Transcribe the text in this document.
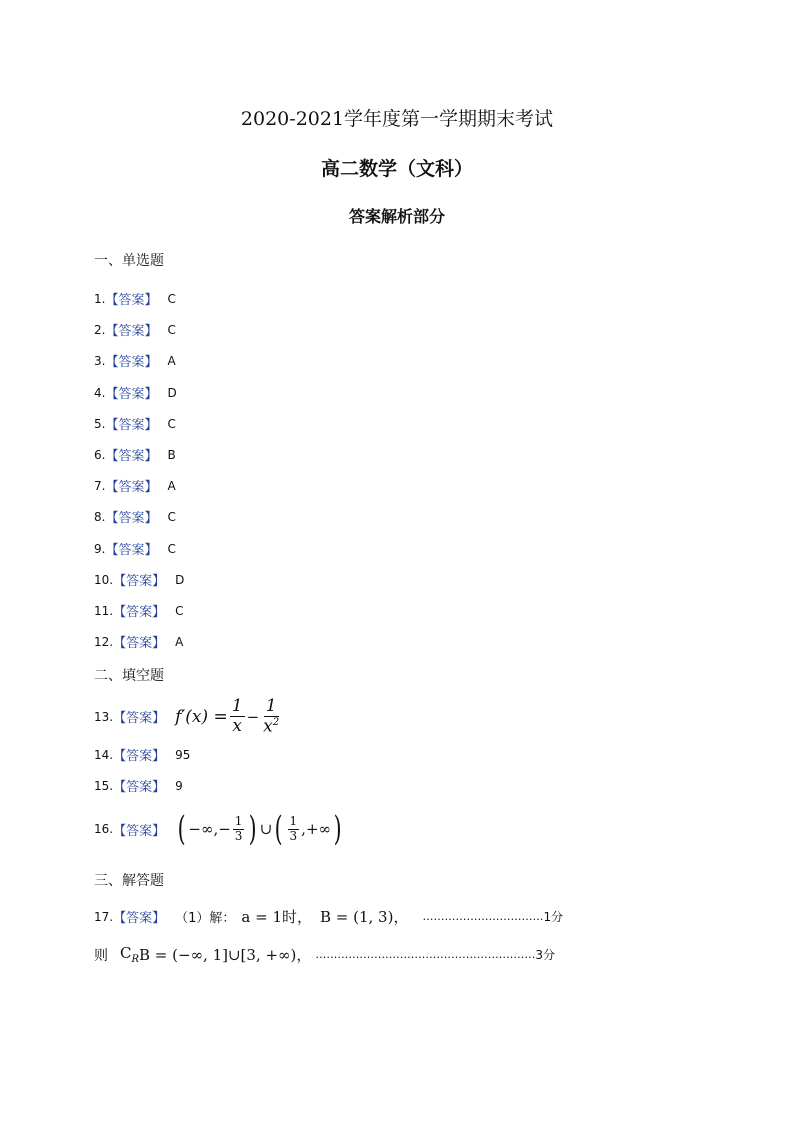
2020-2021学年度第一学期期末考试
高二数学（文科）
答案解析部分
一、单选题
1. 【答案】 C
2. 【答案】 C
3. 【答案】 A
4. 【答案】 D
5. 【答案】 C
6. 【答案】 B
7. 【答案】 A
8. 【答案】 C
9. 【答案】 C
10. 【答案】 D
11. 【答案】 C
12. 【答案】 A
二、填空题
13. 【答案】 $f'(x) = \frac{1}{x} - \frac{1}{x^2}$
14. 【答案】 95
15. 【答案】 9
16. 【答案】 ( −∞,− $\frac{1}{3}$ ) ∪ ( $\frac{1}{3}$ ,+∞ )
三、解答题
17. 【答案】 （1）解： a = 1时， B = (1, 3)， …………………………… 1分
则 $C_R$ B = (−∞, 1]∪[3, +∞)， …………………………………………………… 3分
